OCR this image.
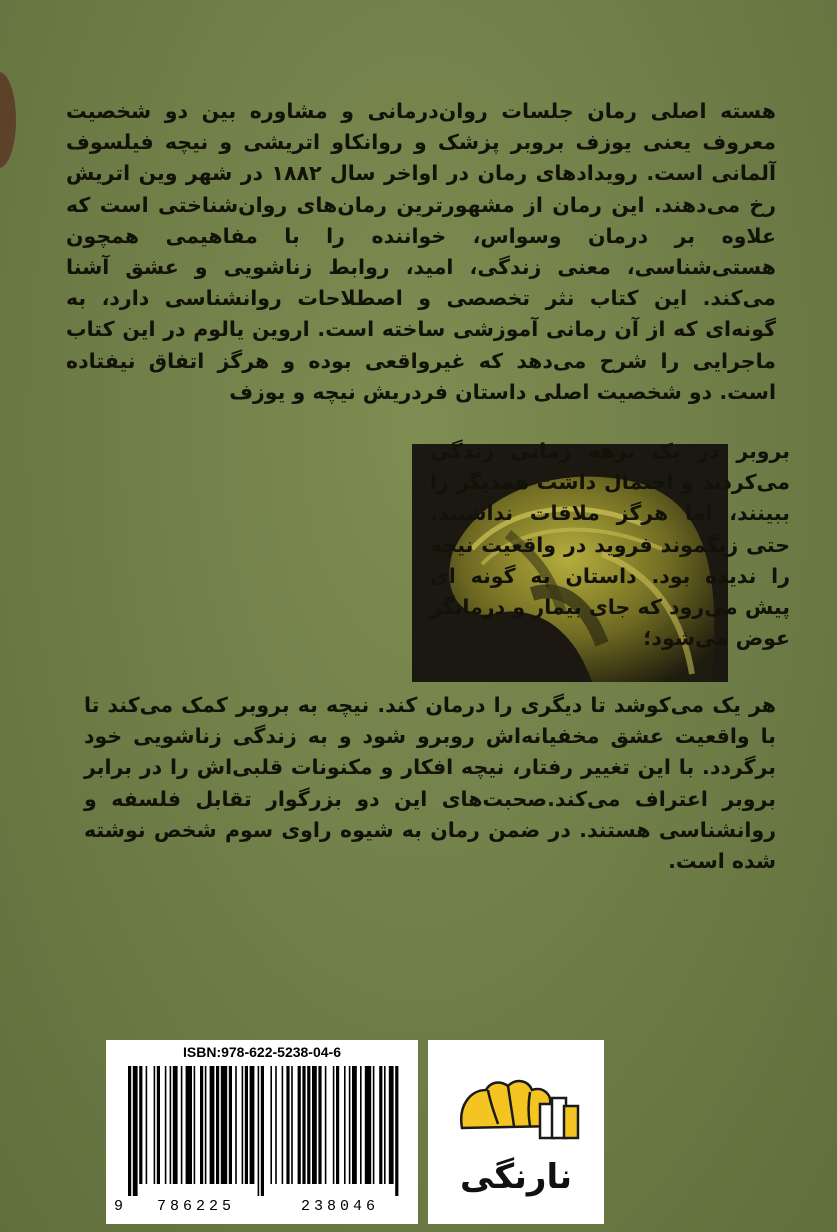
هسته اصلی رمان جلسات روان‌درمانی و مشاوره بین دو شخصیت معروف یعنی یوزف بروبر پزشک و روانکاو اتریشی و نیچه فیلسوف آلمانی است. رویدادهای رمان در اواخر سال ۱۸۸۲ در شهر وین اتریش رخ می‌دهند. این رمان از مشهورترین رمان‌های روان‌شناختی است که علاوه بر درمان وسواس، خواننده را با مفاهیمی همچون هستی‌شناسی، معنی زندگی، امید، روابط زناشویی و عشق آشنا می‌کند. این کتاب نثر تخصصی و اصطلاحات روانشناسی دارد، به گونه‌ای که از آن رمانی آموزشی ساخته است. اروین یالوم در این کتاب ماجرایی را شرح می‌دهد که غیرواقعی بوده و هرگز اتفاق نیفتاده است. دو شخصیت اصلی داستان فردریش نیچه و یوزف

بروبر در یک برهه زمانی زندگی می‌کردند و احتمال داشت همدیگر را ببینند، اما هرگز ملاقات نداشتند. حتی زیگموند فروید در واقعیت نیچه را ندیده بود. داستان به گونه ای پیش می‌رود که جای بیمار و درمانگر عوض می‌شود؛

هر یک می‌کوشد تا دیگری را درمان کند. نیچه به بروبر کمک می‌کند تا با واقعیت عشق مخفیانه‌اش روبرو شود و به زندگی زناشویی خود برگردد. با این تغییر رفتار، نیچه افکار و مکنونات قلبی‌اش را در برابر بروبر اعتراف می‌کند.صحبت‌های این دو بزرگوار تقابل فلسفه و روانشناسی هستند. در ضمن رمان به شیوه راوی سوم شخص نوشته شده است.

ISBN:978-622-5238-04-6
9	786225	238046
نارنگی
